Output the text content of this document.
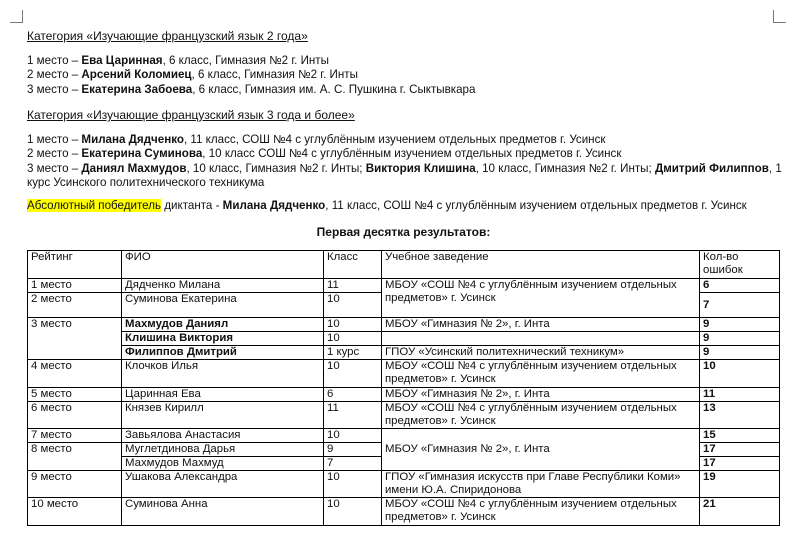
Категория «Изучающие французский язык 2 года»

1 место – Ева Царинная, 6 класс, Гимназия №2 г. Инты

2 место – Арсений Коломиец, 6 класс, Гимназия №2 г. Инты

3 место – Екатерина Забоева, 6 класс, Гимназия им. А. С. Пушкина г. Сыктывкара

Категория «Изучающие французский язык 3 года и более»

1 место – Милана Дядченко, 11 класс, СОШ №4 с углублённым изучением отдельных предметов г. Усинск

2 место – Екатерина Суминова, 10 класс СОШ №4 с углублённым изучением отдельных предметов г. Усинск

3 место – Даниял Махмудов, 10 класс, Гимназия №2 г. Инты; Виктория Клишина, 10 класс, Гимназия №2 г. Инты; Дмитрий Филиппов, 1

курс Усинского политехнического техникума

Абсолютный победитель диктанта - Милана Дядченко, 11 класс, СОШ №4 с углублённым изучением отдельных предметов г. Усинск

Первая десятка результатов:
Рейтинг	ФИО	Класс	Учебное заведение	Кол-во
ошибок
1 место	Дядченко Милана	11	МБОУ «СОШ №4 с углублённым изучением отдельных предметов» г. Усинск	6
2 место	Суминова Екатерина	10		7
3 место	Махмудов Даниял	10	МБОУ «Гимназия № 2», г. Инта	9
	Клишина Виктория	10		9
	Филиппов Дмитрий	1 курс	ГПОУ «Усинский политехнический техникум»	9
4 место	Клочков Илья	10	МБОУ «СОШ №4 с углублённым изучением отдельных предметов» г. Усинск	10
5 место	Царинная Ева	6	МБОУ «Гимназия № 2», г. Инта	11
6 место	Князев Кирилл	11	МБОУ «СОШ №4 с углублённым изучением отдельных предметов» г. Усинск	13
7 место	Завьялова Анастасия	10	МБОУ «Гимназия № 2», г. Инта	15
8 место	Муглетдинова Дарья	9		17
	Махмудов Махмуд	7		17
9 место	Ушакова Александра	10	ГПОУ «Гимназия искусств при Главе Республики Коми» имени Ю.А. Спиридонова	19
10 место	Суминова Анна	10	МБОУ «СОШ №4 с углублённым изучением отдельных предметов» г. Усинск	21
